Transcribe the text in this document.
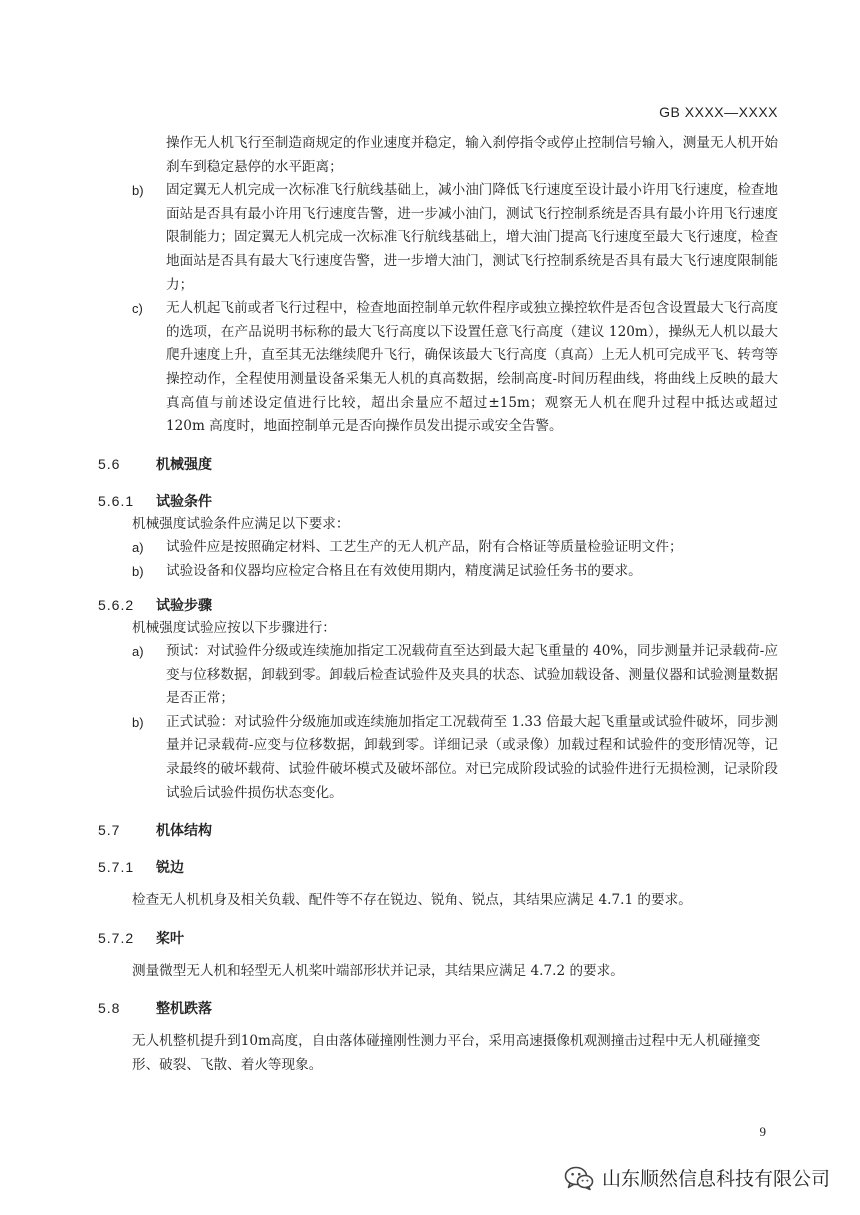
GB XXXX—XXXX

操作无人机飞行至制造商规定的作业速度并稳定，输入刹停指令或停止控制信号输入，测量无人机开始刹车到稳定悬停的水平距离；

b) 固定翼无人机完成一次标准飞行航线基础上，减小油门降低飞行速度至设计最小许用飞行速度，检查地面站是否具有最小许用飞行速度告警，进一步减小油门，测试飞行控制系统是否具有最小许用飞行速度限制能力；固定翼无人机完成一次标准飞行航线基础上，增大油门提高飞行速度至最大飞行速度，检查地面站是否具有最大飞行速度告警，进一步增大油门，测试飞行控制系统是否具有最大飞行速度限制能力；
c) 无人机起飞前或者飞行过程中，检查地面控制单元软件程序或独立操控软件是否包含设置最大飞行高度的选项，在产品说明书标称的最大飞行高度以下设置任意飞行高度（建议 120m），操纵无人机以最大爬升速度上升，直至其无法继续爬升飞行，确保该最大飞行高度（真高）上无人机可完成平飞、转弯等操控动作，全程使用测量设备采集无人机的真高数据，绘制高度-时间历程曲线，将曲线上反映的最大真高值与前述设定值进行比较，超出余量应不超过±15m；观察无人机在爬升过程中抵达或超过 120m 高度时，地面控制单元是否向操作员发出提示或安全告警。
5.6	机械强度
5.6.1 试验条件

机械强度试验条件应满足以下要求：

a) 试验件应是按照确定材料、工艺生产的无人机产品，附有合格证等质量检验证明文件；
b) 试验设备和仪器均应检定合格且在有效使用期内，精度满足试验任务书的要求。
5.6.2 试验步骤

机械强度试验应按以下步骤进行：

a) 预试：对试验件分级或连续施加指定工况载荷直至达到最大起飞重量的 40%，同步测量并记录载荷-应变与位移数据，卸载到零。卸载后检查试验件及夹具的状态、试验加载设备、测量仪器和试验测量数据是否正常；
b) 正式试验：对试验件分级施加或连续施加指定工况载荷至 1.33 倍最大起飞重量或试验件破坏，同步测量并记录载荷-应变与位移数据，卸载到零。详细记录（或录像）加载过程和试验件的变形情况等，记录最终的破坏载荷、试验件破坏模式及破坏部位。对已完成阶段试验的试验件进行无损检测，记录阶段试验后试验件损伤状态变化。
5.7	机体结构
5.7.1 锐边

检查无人机机身及相关负载、配件等不存在锐边、锐角、锐点，其结果应满足 4.7.1 的要求。

5.7.2 桨叶

测量微型无人机和轻型无人机桨叶端部形状并记录，其结果应满足 4.7.2 的要求。

5.8	整机跌落

无人机整机提升到10m高度，自由落体碰撞刚性测力平台，采用高速摄像机观测撞击过程中无人机碰撞变形、破裂、飞散、着火等现象。

9
山东顺然信息科技有限公司
